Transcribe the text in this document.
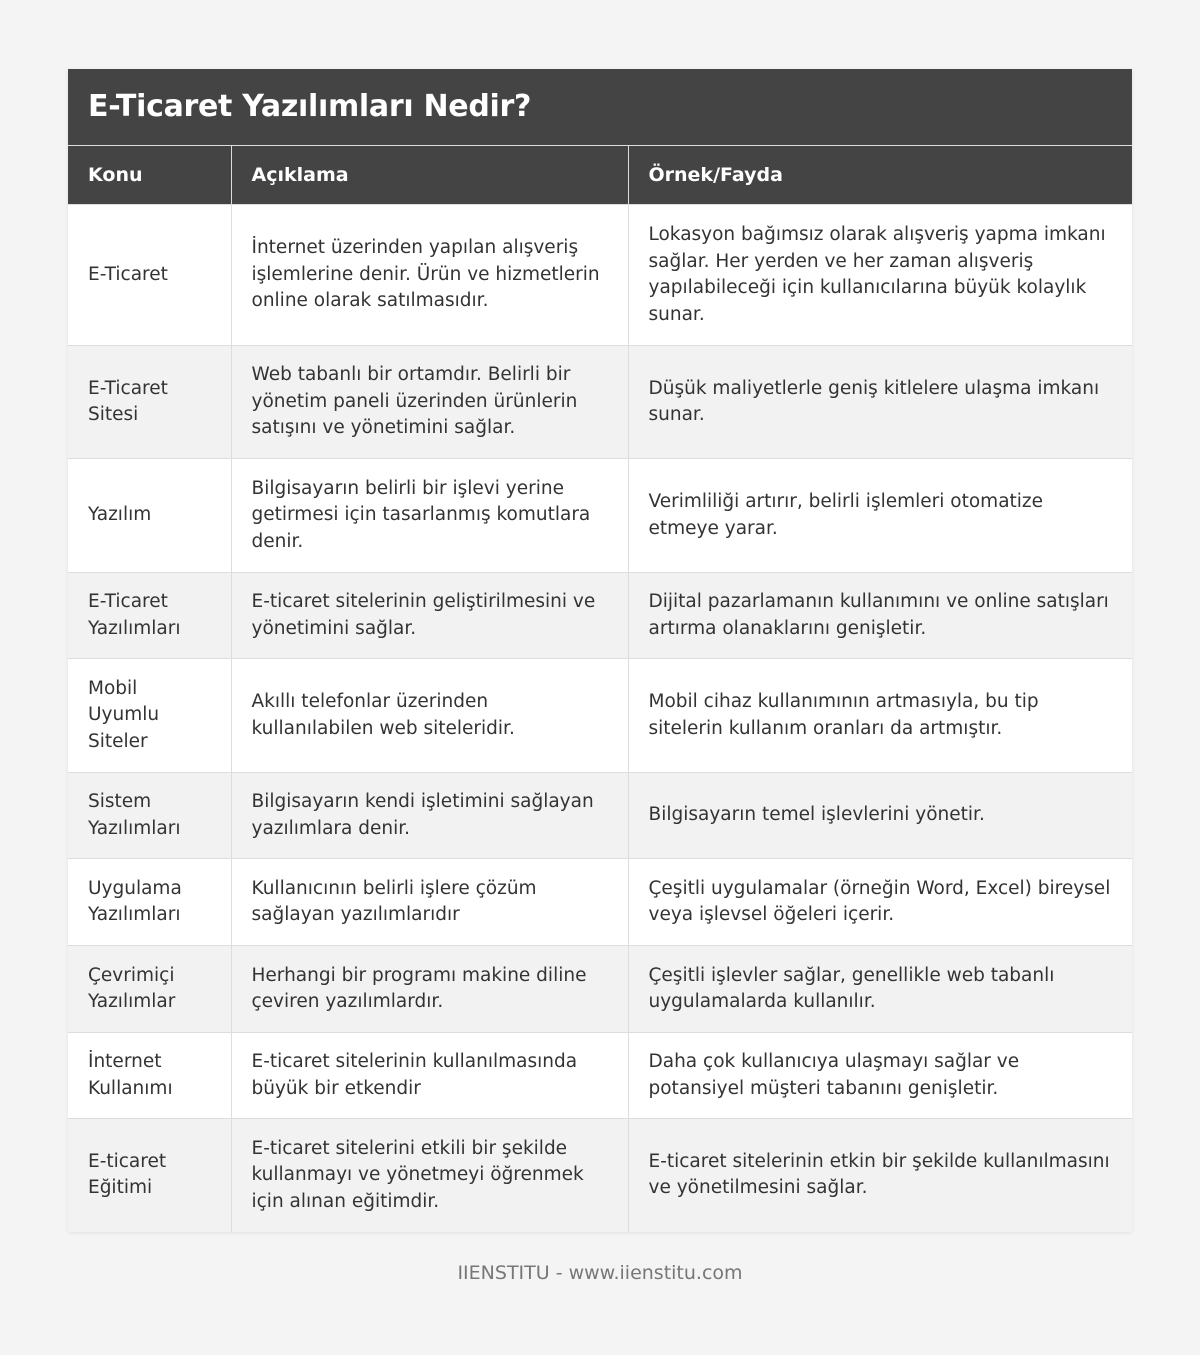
E-Ticaret Yazılımları Nedir?
Konu	Açıklama	Örnek/Fayda
E-Ticaret	İnternet üzerinden yapılan alışveriş işlemlerine denir. Ürün ve hizmetlerin online olarak satılmasıdır.	Lokasyon bağımsız olarak alışveriş yapma imkanı sağlar. Her yerden ve her zaman alışveriş yapılabileceği için kullanıcılarına büyük kolaylık sunar.
E-Ticaret Sitesi	Web tabanlı bir ortamdır. Belirli bir yönetim paneli üzerinden ürünlerin satışını ve yönetimini sağlar.	Düşük maliyetlerle geniş kitlelere ulaşma imkanı sunar.
Yazılım	Bilgisayarın belirli bir işlevi yerine getirmesi için tasarlanmış komutlara denir.	Verimliliği artırır, belirli işlemleri otomatize etmeye yarar.
E-Ticaret Yazılımları	E-ticaret sitelerinin geliştirilmesini ve yönetimini sağlar.	Dijital pazarlamanın kullanımını ve online satışları artırma olanaklarını genişletir.
Mobil Uyumlu Siteler	Akıllı telefonlar üzerinden kullanılabilen web siteleridir.	Mobil cihaz kullanımının artmasıyla, bu tip sitelerin kullanım oranları da artmıştır.
Sistem Yazılımları	Bilgisayarın kendi işletimini sağlayan yazılımlara denir.	Bilgisayarın temel işlevlerini yönetir.
Uygulama Yazılımları	Kullanıcının belirli işlere çözüm sağlayan yazılımlarıdır	Çeşitli uygulamalar (örneğin Word, Excel) bireysel veya işlevsel öğeleri içerir.
Çevrimiçi Yazılımlar	Herhangi bir programı makine diline çeviren yazılımlardır.	Çeşitli işlevler sağlar, genellikle web tabanlı uygulamalarda kullanılır.
İnternet Kullanımı	E-ticaret sitelerinin kullanılmasında büyük bir etkendir	Daha çok kullanıcıya ulaşmayı sağlar ve potansiyel müşteri tabanını genişletir.
E-ticaret Eğitimi	E-ticaret sitelerini etkili bir şekilde kullanmayı ve yönetmeyi öğrenmek için alınan eğitimdir.	E-ticaret sitelerinin etkin bir şekilde kullanılmasını ve yönetilmesini sağlar.
IIENSTITU - www.iienstitu.com
